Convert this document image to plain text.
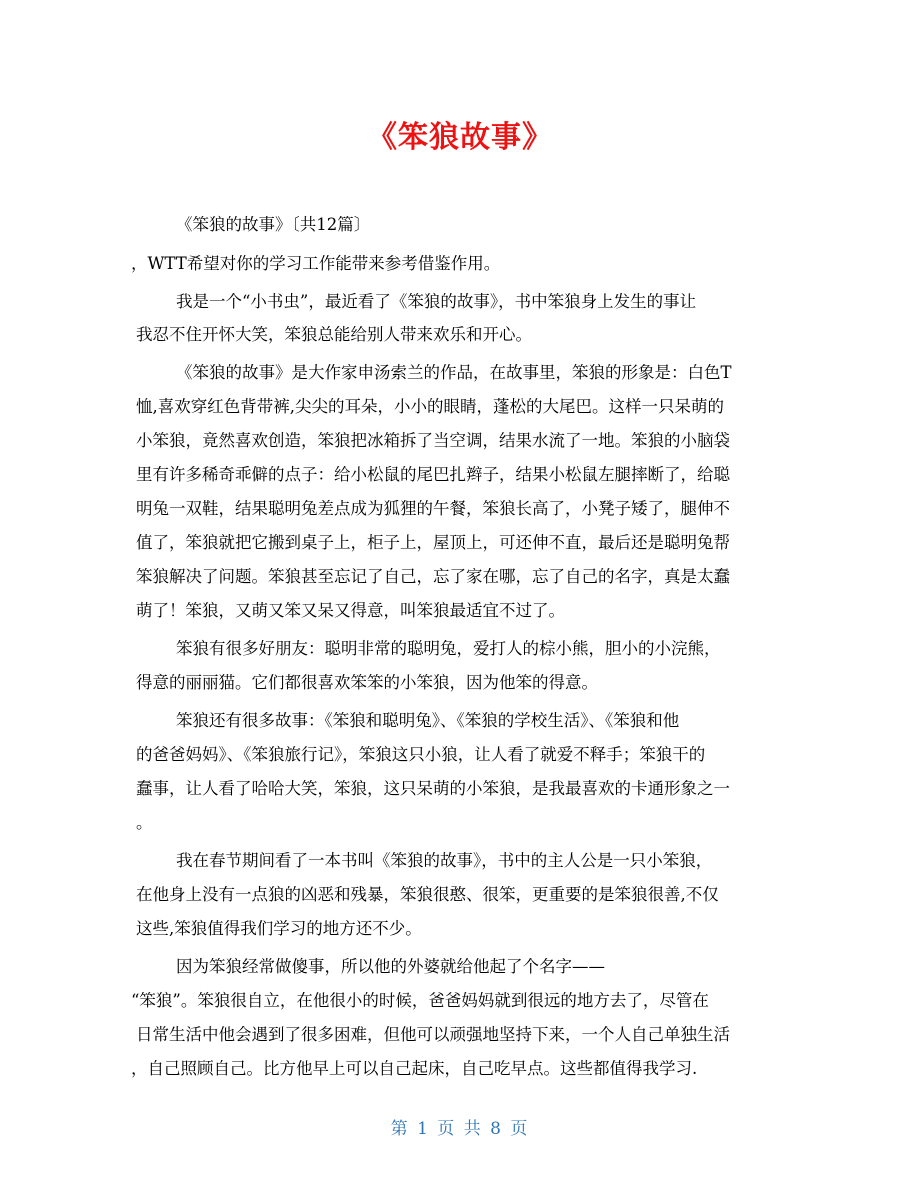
《笨狼故事》
《笨狼的故事》〔共12篇〕
，WTT希望对你的学习工作能带来参考借鉴作用。
我是一个“小书虫”，最近看了《笨狼的故事》，书中笨狼身上发生的事让
我忍不住开怀大笑，笨狼总能给别人带来欢乐和开心。
《笨狼的故事》是大作家申汤索兰的作品，在故事里，笨狼的形象是：白色T
恤,喜欢穿红色背带裤,尖尖的耳朵，小小的眼睛，蓬松的大尾巴。这样一只呆萌的
小笨狼，竟然喜欢创造，笨狼把冰箱拆了当空调，结果水流了一地。笨狼的小脑袋
里有许多稀奇乖僻的点子：给小松鼠的尾巴扎辫子，结果小松鼠左腿摔断了，给聪
明兔一双鞋，结果聪明兔差点成为狐狸的午餐，笨狼长高了，小凳子矮了，腿伸不
值了，笨狼就把它搬到桌子上，柜子上，屋顶上，可还伸不直，最后还是聪明兔帮
笨狼解决了问题。笨狼甚至忘记了自己，忘了家在哪，忘了自己的名字，真是太蠢
萌了！笨狼，又萌又笨又呆又得意，叫笨狼最适宜不过了。
笨狼有很多好朋友：聪明非常的聪明兔，爱打人的棕小熊，胆小的小浣熊，
得意的丽丽猫。它们都很喜欢笨笨的小笨狼，因为他笨的得意。
笨狼还有很多故事：《笨狼和聪明兔》、《笨狼的学校生活》、《笨狼和他
的爸爸妈妈》、《笨狼旅行记》，笨狼这只小狼，让人看了就爱不释手；笨狼干的
蠢事，让人看了哈哈大笑，笨狼，这只呆萌的小笨狼，是我最喜欢的卡通形象之一
。
我在春节期间看了一本书叫《笨狼的故事》，书中的主人公是一只小笨狼，
在他身上没有一点狼的凶恶和残暴，笨狼很憨、很笨，更重要的是笨狼很善,不仅
这些,笨狼值得我们学习的地方还不少。
因为笨狼经常做傻事，所以他的外婆就给他起了个名字——
“笨狼”。笨狼很自立，在他很小的时候，爸爸妈妈就到很远的地方去了，尽管在
日常生活中他会遇到了很多困难，但他可以顽强地坚持下来，一个人自己单独生活
，自己照顾自己。比方他早上可以自己起床，自己吃早点。这些都值得我学习.
第 1 页 共 8 页
